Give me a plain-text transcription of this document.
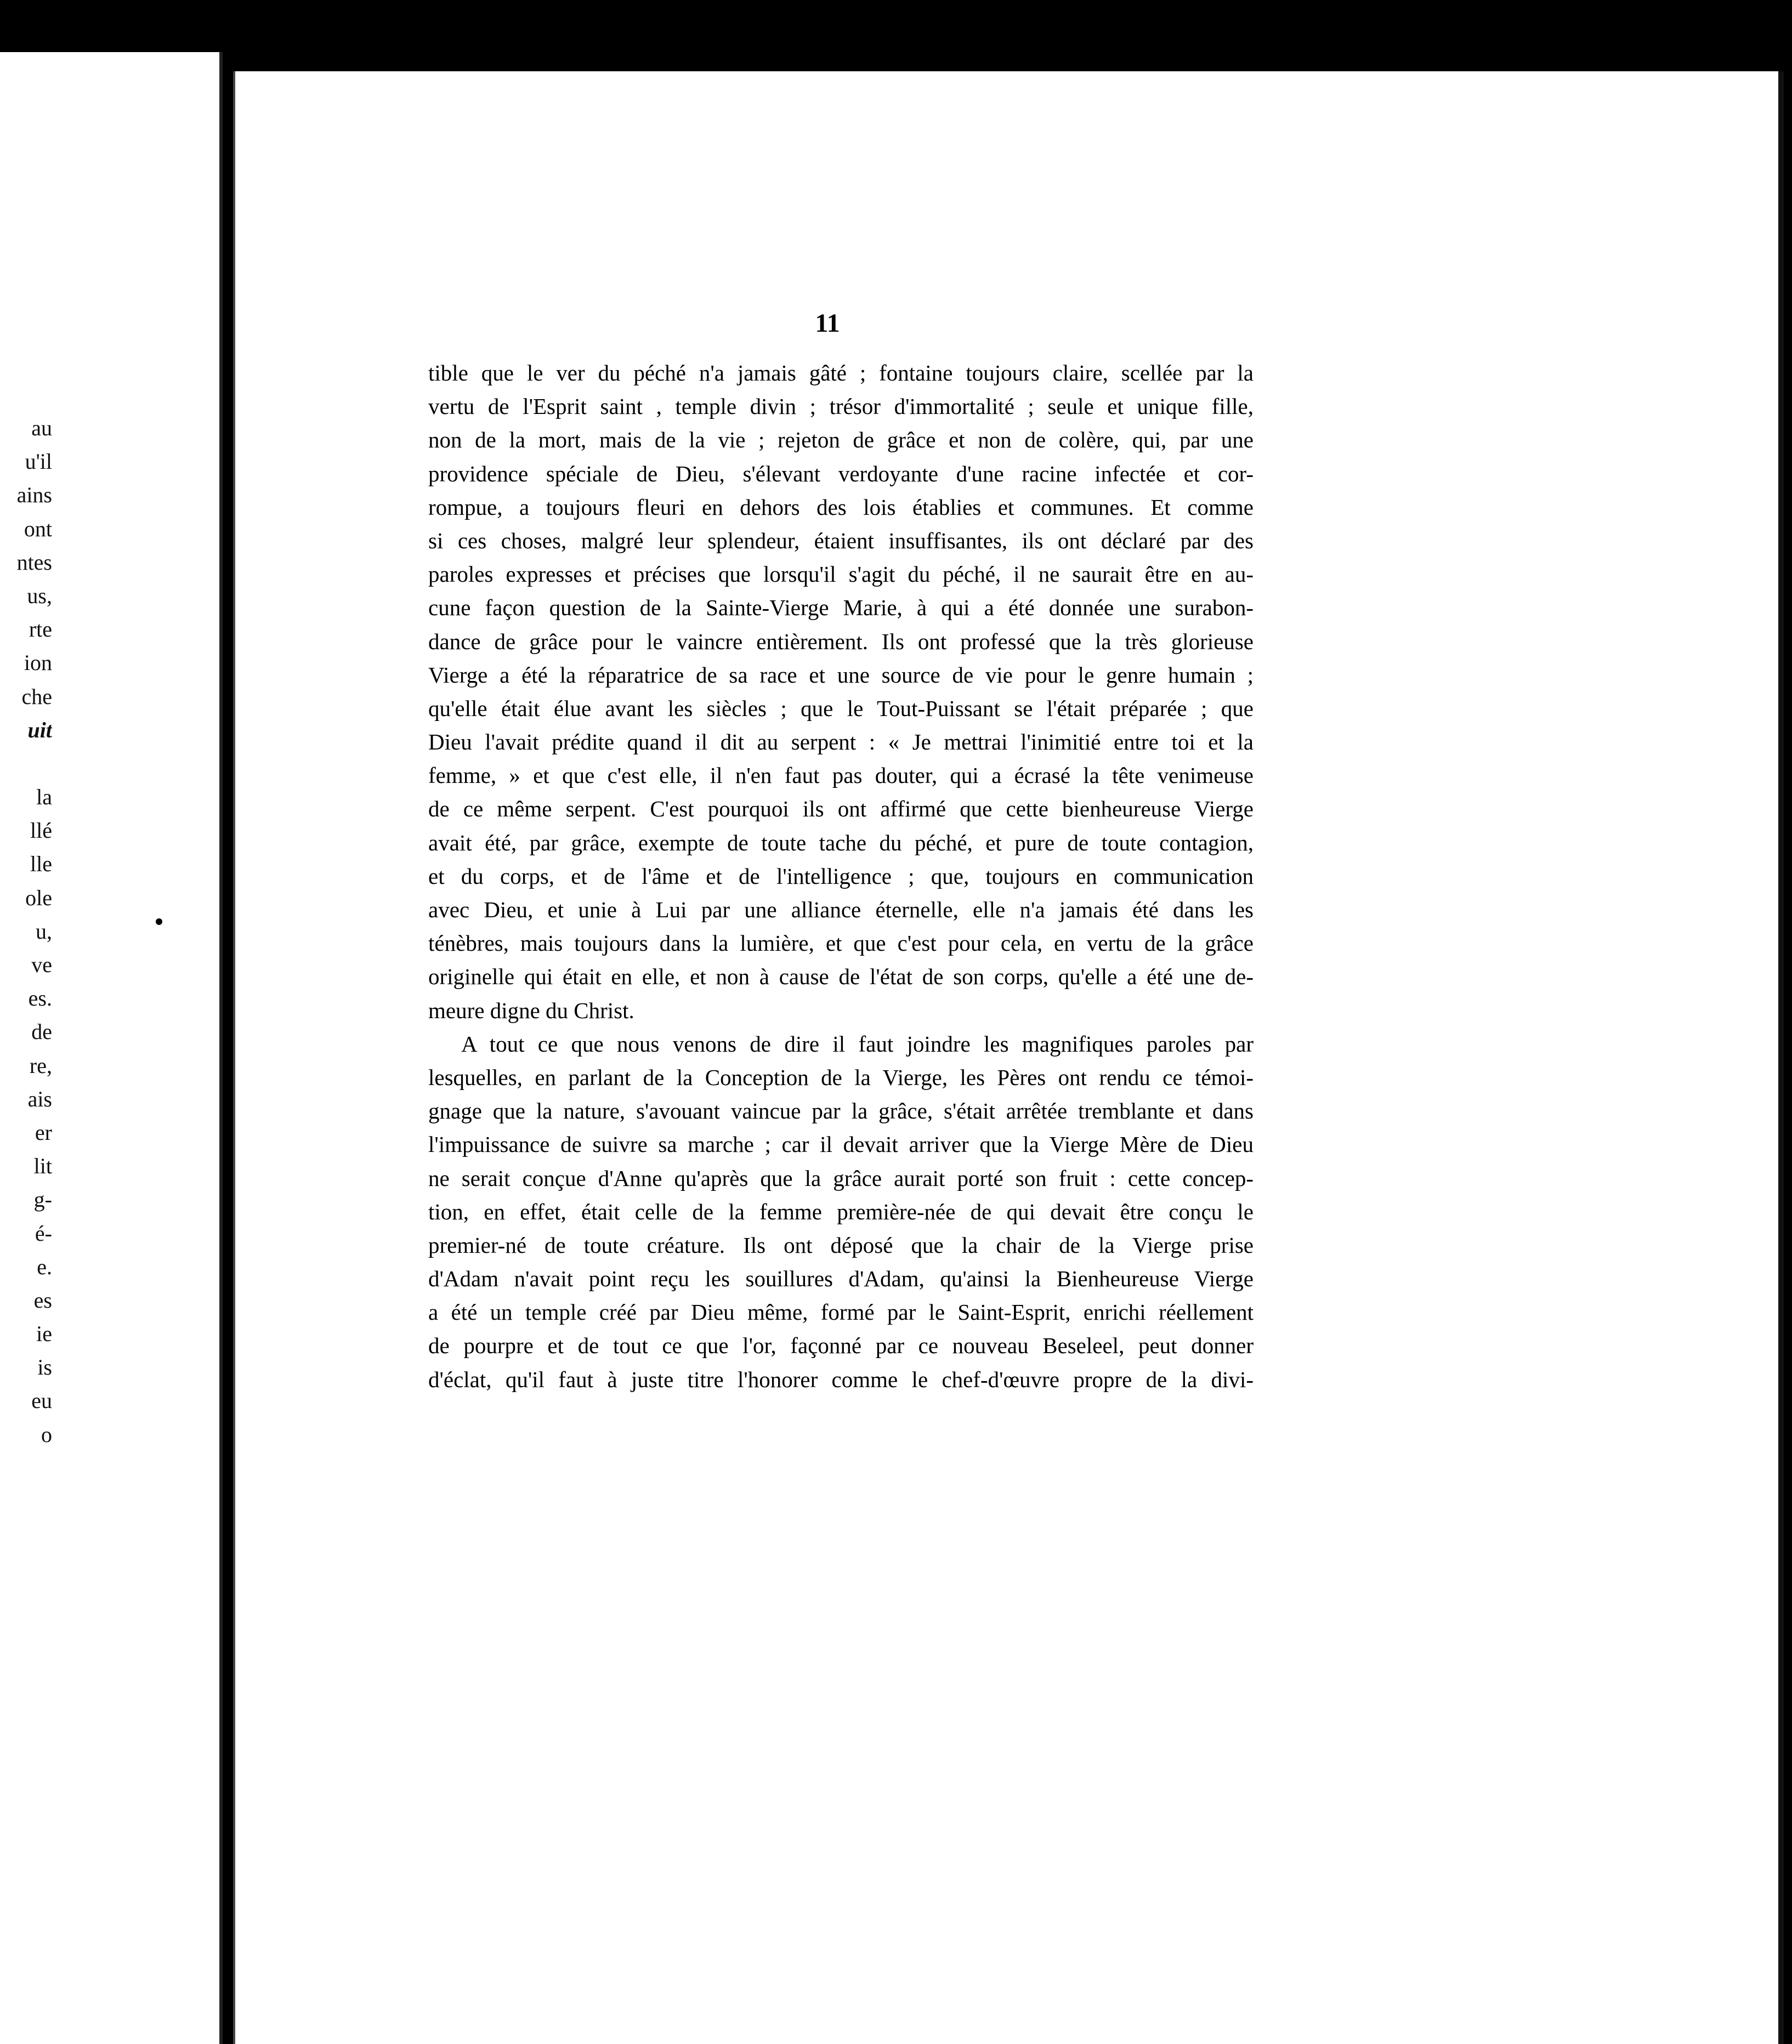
au
u'il
ains
ont
ntes
us,
rte
ion
che
uit
la
llé
lle
ole
u,
ve
es.
de
re,
ais
er
lit
g-
é-
e.
es
ie
is
eu
o
11
tible que le ver du péché n'a jamais gâté ; fontaine toujours claire, scellée par la
vertu de l'Esprit saint , temple divin ; trésor d'immortalité ; seule et unique fille,
non de la mort, mais de la vie ; rejeton de grâce et non de colère, qui, par une
providence spéciale de Dieu, s'élevant verdoyante d'une racine infectée et cor-
rompue, a toujours fleuri en dehors des lois établies et communes. Et comme
si ces choses, malgré leur splendeur, étaient insuffisantes, ils ont déclaré par des
paroles expresses et précises que lorsqu'il s'agit du péché, il ne saurait être en au-
cune façon question de la Sainte-Vierge Marie, à qui a été donnée une surabon-
dance de grâce pour le vaincre entièrement. Ils ont professé que la très glorieuse
Vierge a été la réparatrice de sa race et une source de vie pour le genre humain ;
qu'elle était élue avant les siècles ; que le Tout-Puissant se l'était préparée ; que
Dieu l'avait prédite quand il dit au serpent : « Je mettrai l'inimitié entre toi et la
femme, » et que c'est elle, il n'en faut pas douter, qui a écrasé la tête venimeuse
de ce même serpent. C'est pourquoi ils ont affirmé que cette bienheureuse Vierge
avait été, par grâce, exempte de toute tache du péché, et pure de toute contagion,
et du corps, et de l'âme et de l'intelligence ; que, toujours en communication
avec Dieu, et unie à Lui par une alliance éternelle, elle n'a jamais été dans les
ténèbres, mais toujours dans la lumière, et que c'est pour cela, en vertu de la grâce
originelle qui était en elle, et non à cause de l'état de son corps, qu'elle a été une de-
meure digne du Christ.
A tout ce que nous venons de dire il faut joindre les magnifiques paroles par
lesquelles, en parlant de la Conception de la Vierge, les Pères ont rendu ce témoi-
gnage que la nature, s'avouant vaincue par la grâce, s'était arrêtée tremblante et dans
l'impuissance de suivre sa marche ; car il devait arriver que la Vierge Mère de Dieu
ne serait conçue d'Anne qu'après que la grâce aurait porté son fruit : cette concep-
tion, en effet, était celle de la femme première-née de qui devait être conçu le
premier-né de toute créature. Ils ont déposé que la chair de la Vierge prise
d'Adam n'avait point reçu les souillures d'Adam, qu'ainsi la Bienheureuse Vierge
a été un temple créé par Dieu même, formé par le Saint-Esprit, enrichi réellement
de pourpre et de tout ce que l'or, façonné par ce nouveau Beseleel, peut donner
d'éclat, qu'il faut à juste titre l'honorer comme le chef-d'œuvre propre de la divi-
